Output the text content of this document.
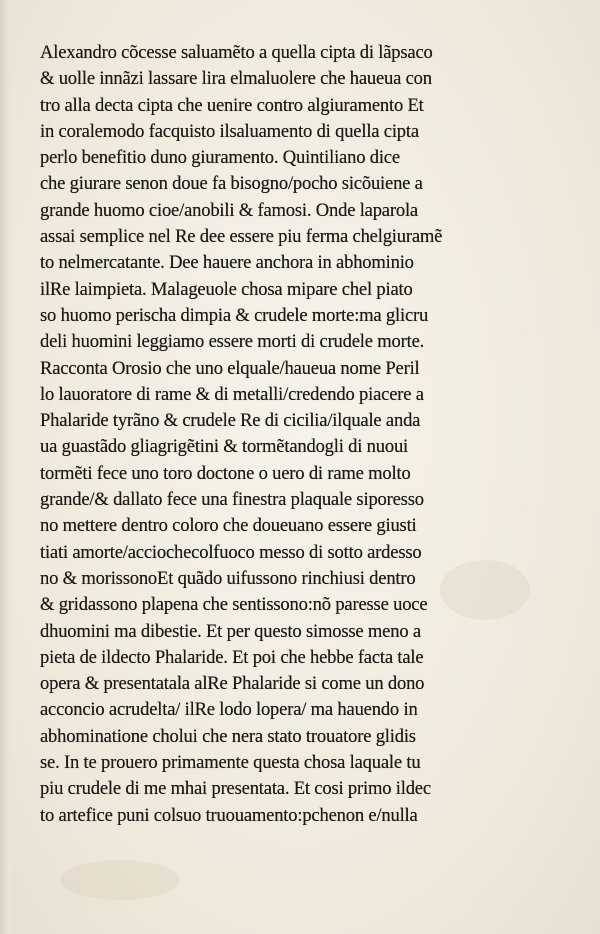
Alexandro cõcesse saluamẽto a quella cipta di lãpsaco
& uolle innãzi lassare lira elmaluolere che haueua con
tro alla decta cipta che uenire contro algiuramento Et
in coralemodo facquisto ilsaluamento di quella cipta
perlo benefitio duno giuramento. Quintiliano dice
che giurare senon doue fa bisogno/pocho sicõuiene a
grande huomo cioe/anobili & famosi. Onde laparola
assai semplice nel Re dee essere piu ferma chelgiuramẽ
to nelmercatante. Dee hauere anchora in abhominio
ilRe laimpieta. Malageuole chosa mipare chel piato
so huomo perischa dimpia & crudele morte:ma glicru
deli huomini leggiamo essere morti di crudele morte.
Racconta Orosio che uno elquale/haueua nome Peril
lo lauoratore di rame & di metalli/credendo piacere a
Phalaride tyrãno & crudele Re di cicilia/ilquale anda
ua guastãdo gliagrigẽtini & tormẽtandogli di nuoui
tormẽti fece uno toro doctone o uero di rame molto
grande/& dallato fece una finestra plaquale siporesso
no mettere dentro coloro che doueuano essere giusti
tiati amorte/acciochecolfuoco messo di sotto ardesso
no & morissonoEt quãdo uifussono rinchiusi dentro
& gridassono plapena che sentissono:nõ paresse uoce
dhuomini ma dibestie. Et per questo simosse meno a
pieta de ildecto Phalaride. Et poi che hebbe facta tale
opera & presentatala alRe Phalaride si come un dono
acconcio acrudelta/ ilRe lodo lopera/ ma hauendo in
abhominatione cholui che nera stato trouatore glidis
se. In te prouero primamente questa chosa laquale tu
piu crudele di me mhai presentata. Et cosi primo ildec
to artefice puni colsuo truouamento:pchenon e/nulla
